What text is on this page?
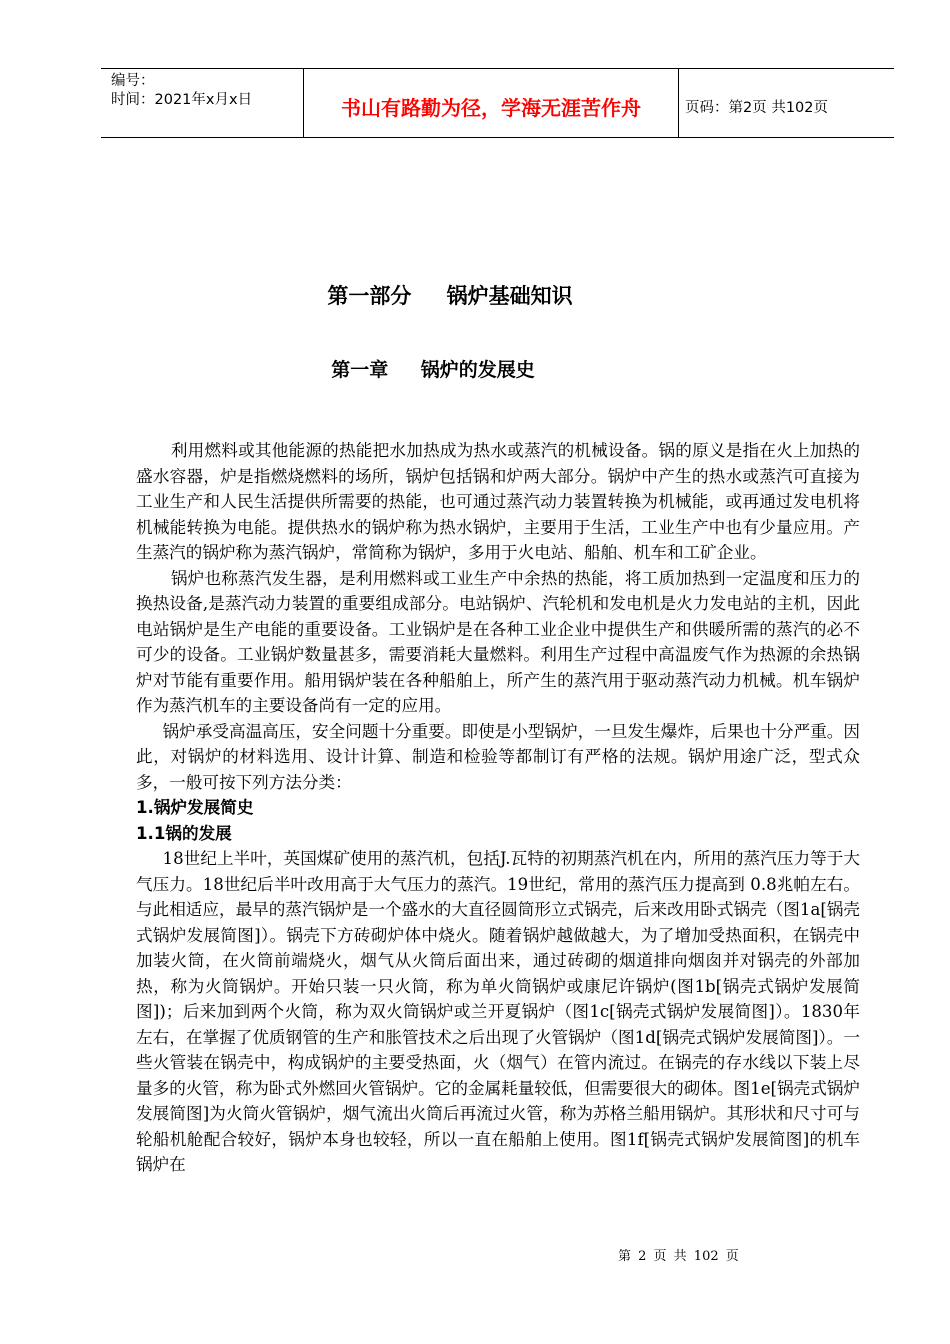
编号：
时间：2021年x月x日	书山有路勤为径，学海无涯苦作舟	页码：第2页 共102页
第一部分 锅炉基础知识
第一章 锅炉的发展史

利用燃料或其他能源的热能把水加热成为热水或蒸汽的机械设备。锅的原义是指在火上加热的盛水容器，炉是指燃烧燃料的场所，锅炉包括锅和炉两大部分。锅炉中产生的热水或蒸汽可直接为工业生产和人民生活提供所需要的热能，也可通过蒸汽动力装置转换为机械能，或再通过发电机将机械能转换为电能。提供热水的锅炉称为热水锅炉，主要用于生活，工业生产中也有少量应用。产生蒸汽的锅炉称为蒸汽锅炉，常简称为锅炉，多用于火电站、船舶、机车和工矿企业。

锅炉也称蒸汽发生器，是利用燃料或工业生产中余热的热能，将工质加热到一定温度和压力的换热设备,是蒸汽动力装置的重要组成部分。电站锅炉、汽轮机和发电机是火力发电站的主机，因此电站锅炉是生产电能的重要设备。工业锅炉是在各种工业企业中提供生产和供暖所需的蒸汽的必不可少的设备。工业锅炉数量甚多，需要消耗大量燃料。利用生产过程中高温废气作为热源的余热锅炉对节能有重要作用。船用锅炉装在各种船舶上，所产生的蒸汽用于驱动蒸汽动力机械。机车锅炉作为蒸汽机车的主要设备尚有一定的应用。

锅炉承受高温高压，安全问题十分重要。即使是小型锅炉，一旦发生爆炸，后果也十分严重。因此，对锅炉的材料选用、设计计算、制造和检验等都制订有严格的法规。锅炉用途广泛，型式众多，一般可按下列方法分类：

1.锅炉发展简史
1.1锅的发展

18世纪上半叶，英国煤矿使用的蒸汽机，包括J.瓦特的初期蒸汽机在内，所用的蒸汽压力等于大气压力。18世纪后半叶改用高于大气压力的蒸汽。19世纪，常用的蒸汽压力提高到 0.8兆帕左右。与此相适应，最早的蒸汽锅炉是一个盛水的大直径圆筒形立式锅壳，后来改用卧式锅壳（图1a[锅壳式锅炉发展简图]）。锅壳下方砖砌炉体中烧火。随着锅炉越做越大，为了增加受热面积，在锅壳中加装火筒，在火筒前端烧火，烟气从火筒后面出来，通过砖砌的烟道排向烟囱并对锅壳的外部加热，称为火筒锅炉。开始只装一只火筒，称为单火筒锅炉或康尼许锅炉(图1b[锅壳式锅炉发展简图])；后来加到两个火筒，称为双火筒锅炉或兰开夏锅炉（图1c[锅壳式锅炉发展简图]）。1830年左右，在掌握了优质钢管的生产和胀管技术之后出现了火管锅炉（图1d[锅壳式锅炉发展简图]）。一些火管装在锅壳中，构成锅炉的主要受热面，火（烟气）在管内流过。在锅壳的存水线以下装上尽量多的火管，称为卧式外燃回火管锅炉。它的金属耗量较低，但需要很大的砌体。图1e[锅壳式锅炉发展简图]为火筒火管锅炉，烟气流出火筒后再流过火管，称为苏格兰船用锅炉。其形状和尺寸可与轮船机舱配合较好，锅炉本身也较轻，所以一直在船舶上使用。图1f[锅壳式锅炉发展简图]的机车锅炉在

第 2 页 共 102 页
